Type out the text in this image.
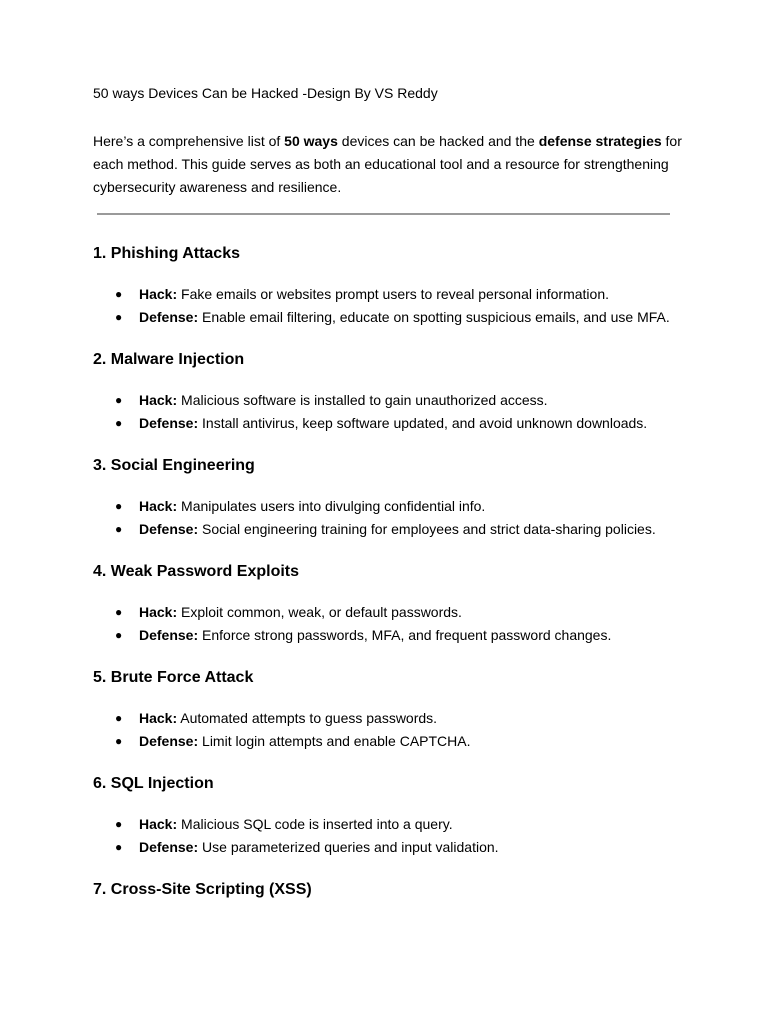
50 ways Devices Can be Hacked -Design By VS Reddy

Here’s a comprehensive list of 50 ways devices can be hacked and the defense strategies for each method. This guide serves as both an educational tool and a resource for strengthening cybersecurity awareness and resilience.
1. Phishing Attacks
● Hack: Fake emails or websites prompt users to reveal personal information.
● Defense: Enable email filtering, educate on spotting suspicious emails, and use MFA.
2. Malware Injection
● Hack: Malicious software is installed to gain unauthorized access.
● Defense: Install antivirus, keep software updated, and avoid unknown downloads.
3. Social Engineering
● Hack: Manipulates users into divulging confidential info.
● Defense: Social engineering training for employees and strict data-sharing policies.
4. Weak Password Exploits
● Hack: Exploit common, weak, or default passwords.
● Defense: Enforce strong passwords, MFA, and frequent password changes.
5. Brute Force Attack
● Hack: Automated attempts to guess passwords.
● Defense: Limit login attempts and enable CAPTCHA.
6. SQL Injection
● Hack: Malicious SQL code is inserted into a query.
● Defense: Use parameterized queries and input validation.
7. Cross-Site Scripting (XSS)
